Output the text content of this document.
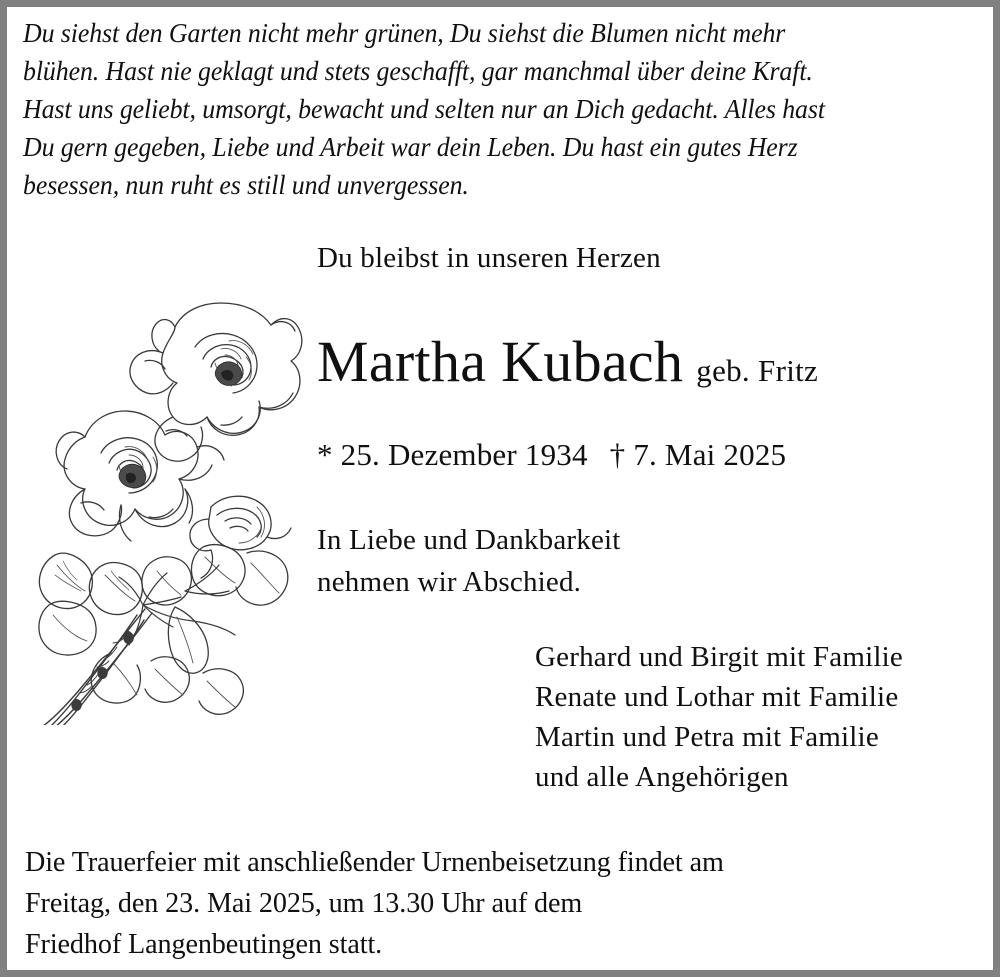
Du siehst den Garten nicht mehr grünen, Du siehst die Blumen nicht mehr

blühen. Hast nie geklagt und stets geschafft, gar manchmal über deine Kraft.

Hast uns geliebt, umsorgt, bewacht und selten nur an Dich gedacht. Alles hast

Du gern gegeben, Liebe und Arbeit war dein Leben. Du hast ein gutes Herz

besessen, nun ruht es still und unvergessen.

Du bleibst in unseren Herzen

Martha Kubach geb. Fritz

* 25. Dezember 1934 † 7. Mai 2025

In Liebe und Dankbarkeit
nehmen wir Abschied.

Gerhard und Birgit mit Familie

Renate und Lothar mit Familie

Martin und Petra mit Familie

und alle Angehörigen

Die Trauerfeier mit anschließender Urnenbeisetzung findet am

Freitag, den 23. Mai 2025, um 13.30 Uhr auf dem

Friedhof Langenbeutingen statt.
